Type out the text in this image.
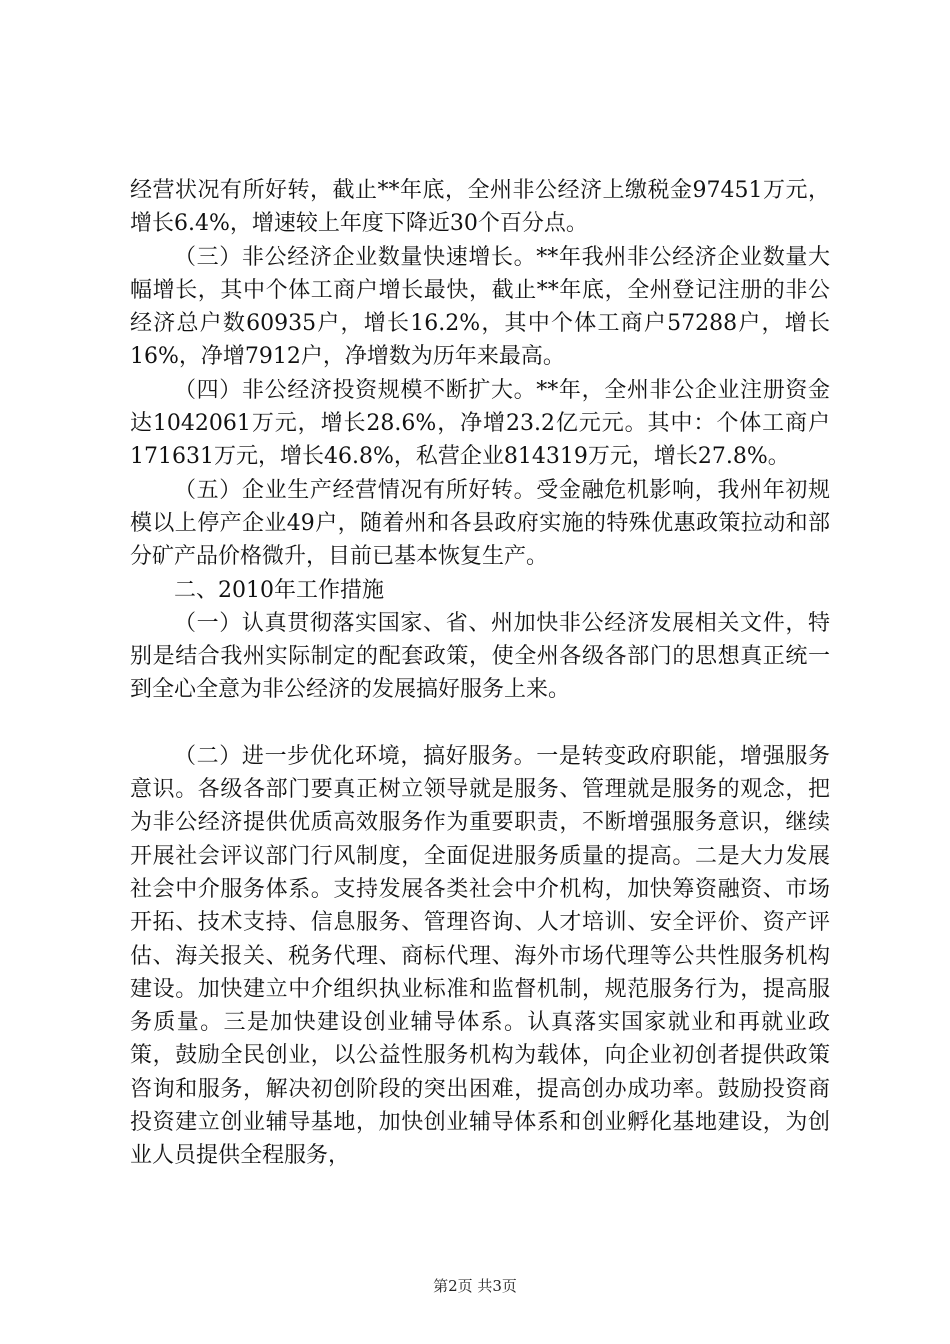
经营状况有所好转，截止**年底，全州非公经济上缴税金97451万元，增长6.4%，增速较上年度下降近30个百分点。

（三）非公经济企业数量快速增长。**年我州非公经济企业数量大幅增长，其中个体工商户增长最快，截止**年底，全州登记注册的非公经济总户数60935户，增长16.2%，其中个体工商户57288户，增长16%，净增7912户，净增数为历年来最高。

（四）非公经济投资规模不断扩大。**年，全州非公企业注册资金达1042061万元，增长28.6%，净增23.2亿元元。其中：个体工商户171631万元，增长46.8%，私营企业814319万元，增长27.8%。

（五）企业生产经营情况有所好转。受金融危机影响，我州年初规模以上停产企业49户，随着州和各县政府实施的特殊优惠政策拉动和部分矿产品价格微升，目前已基本恢复生产。

二、2010年工作措施

（一）认真贯彻落实国家、省、州加快非公经济发展相关文件，特别是结合我州实际制定的配套政策，使全州各级各部门的思想真正统一到全心全意为非公经济的发展搞好服务上来。

（二）进一步优化环境，搞好服务。一是转变政府职能，增强服务意识。各级各部门要真正树立领导就是服务、管理就是服务的观念，把为非公经济提供优质高效服务作为重要职责，不断增强服务意识，继续开展社会评议部门行风制度，全面促进服务质量的提高。二是大力发展社会中介服务体系。支持发展各类社会中介机构，加快筹资融资、市场开拓、技术支持、信息服务、管理咨询、人才培训、安全评价、资产评估、海关报关、税务代理、商标代理、海外市场代理等公共性服务机构建设。加快建立中介组织执业标准和监督机制，规范服务行为，提高服务质量。三是加快建设创业辅导体系。认真落实国家就业和再就业政策，鼓励全民创业，以公益性服务机构为载体，向企业初创者提供政策咨询和服务，解决初创阶段的突出困难，提高创办成功率。鼓励投资商投资建立创业辅导基地，加快创业辅导体系和创业孵化基地建设，为创业人员提供全程服务，

第2页 共3页
